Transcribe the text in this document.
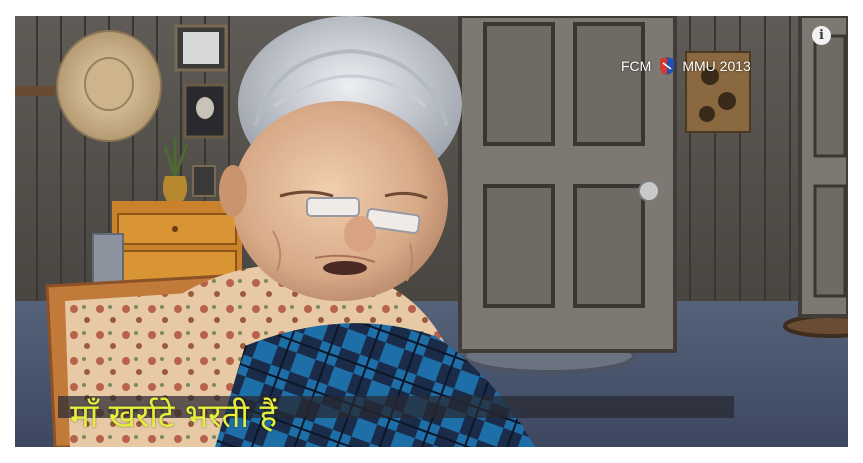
FCM MMU 2013
i
माँ खर्राटे भरती हैं
